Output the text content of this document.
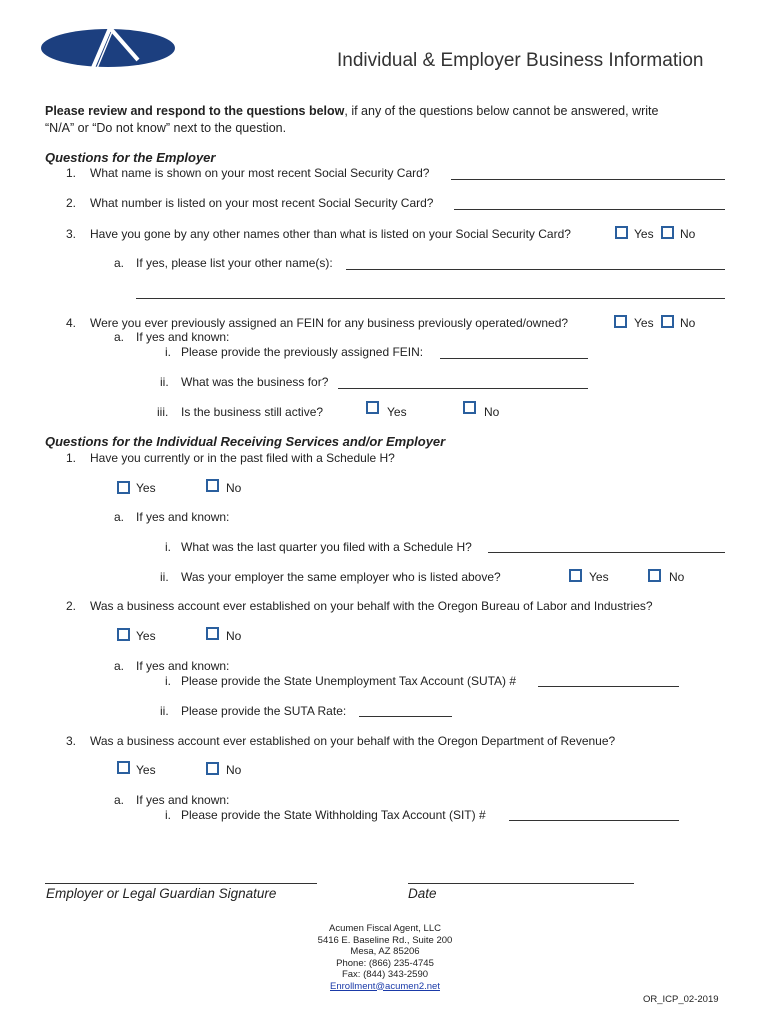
Individual & Employer Business Information
Please review and respond to the questions below, if any of the questions below cannot be answered, write
“N/A” or “Do not know” next to the question.
Questions for the Employer
1. What name is shown on your most recent Social Security Card?
2. What number is listed on your most recent Social Security Card?
3. Have you gone by any other names other than what is listed on your Social Security Card?	Yes No
a. If yes, please list your other name(s):
4. Were you ever previously assigned an FEIN for any business previously operated/owned?	Yes No
a. If yes and known:
i. Please provide the previously assigned FEIN:
ii. What was the business for?
iii. Is the business still active?	Yes	No
Questions for the Individual Receiving Services and/or Employer
1. Have you currently or in the past filed with a Schedule H?
Yes	No
a. If yes and known:
i. What was the last quarter you filed with a Schedule H?
ii. Was your employer the same employer who is listed above?	Yes	No
2. Was a business account ever established on your behalf with the Oregon Bureau of Labor and Industries?
Yes	No
a. If yes and known:
i. Please provide the State Unemployment Tax Account (SUTA) #
ii. Please provide the SUTA Rate:
3. Was a business account ever established on your behalf with the Oregon Department of Revenue?
Yes	No
a. If yes and known:
i. Please provide the State Withholding Tax Account (SIT) #
Employer or Legal Guardian Signature	Date
Acumen Fiscal Agent, LLC
5416 E. Baseline Rd., Suite 200
Mesa, AZ 85206
Phone: (866) 235-4745
Fax: (844) 343-2590
Enrollment@acumen2.net
OR_ICP_02-2019
